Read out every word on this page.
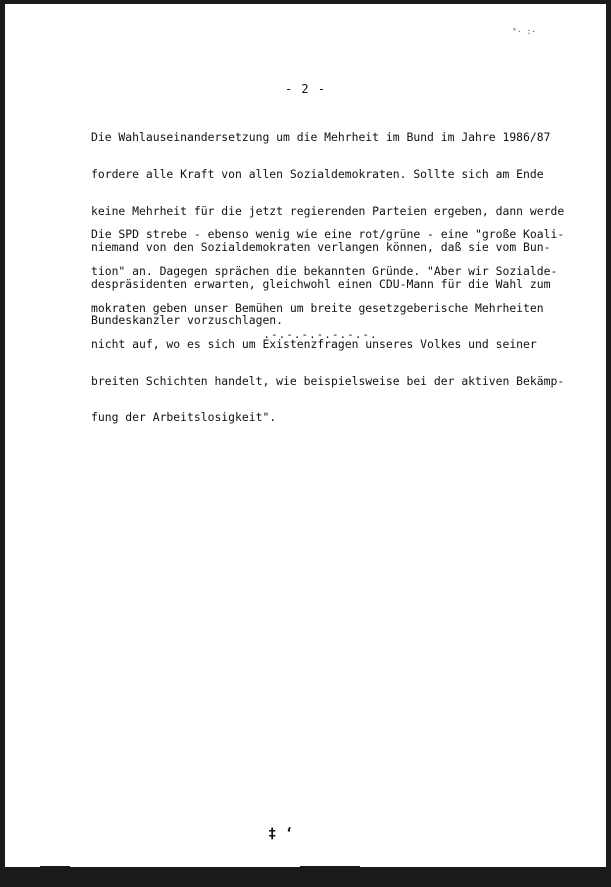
°· :·
- 2 -

Die Wahlauseinandersetzung um die Mehrheit im Bund im Jahre 1986/87

fordere alle Kraft von allen Sozialdemokraten. Sollte sich am Ende

keine Mehrheit für die jetzt regierenden Parteien ergeben, dann werde

niemand von den Sozialdemokraten verlangen können, daß sie vom Bun-

despräsidenten erwarten, gleichwohl einen CDU-Mann für die Wahl zum

Bundeskanzler vorzuschlagen.

Die SPD strebe - ebenso wenig wie eine rot/grüne - eine "große Koali-

tion" an. Dagegen sprächen die bekannten Gründe. "Aber wir Sozialde-

mokraten geben unser Bemühen um breite gesetzgeberische Mehrheiten

nicht auf, wo es sich um Existenzfragen unseres Volkes und seiner

breiten Schichten handelt, wie beispielsweise bei der aktiven Bekämp-

fung der Arbeitslosigkeit".

.-.-.-.-.-.-.-.
‡ ʻ
